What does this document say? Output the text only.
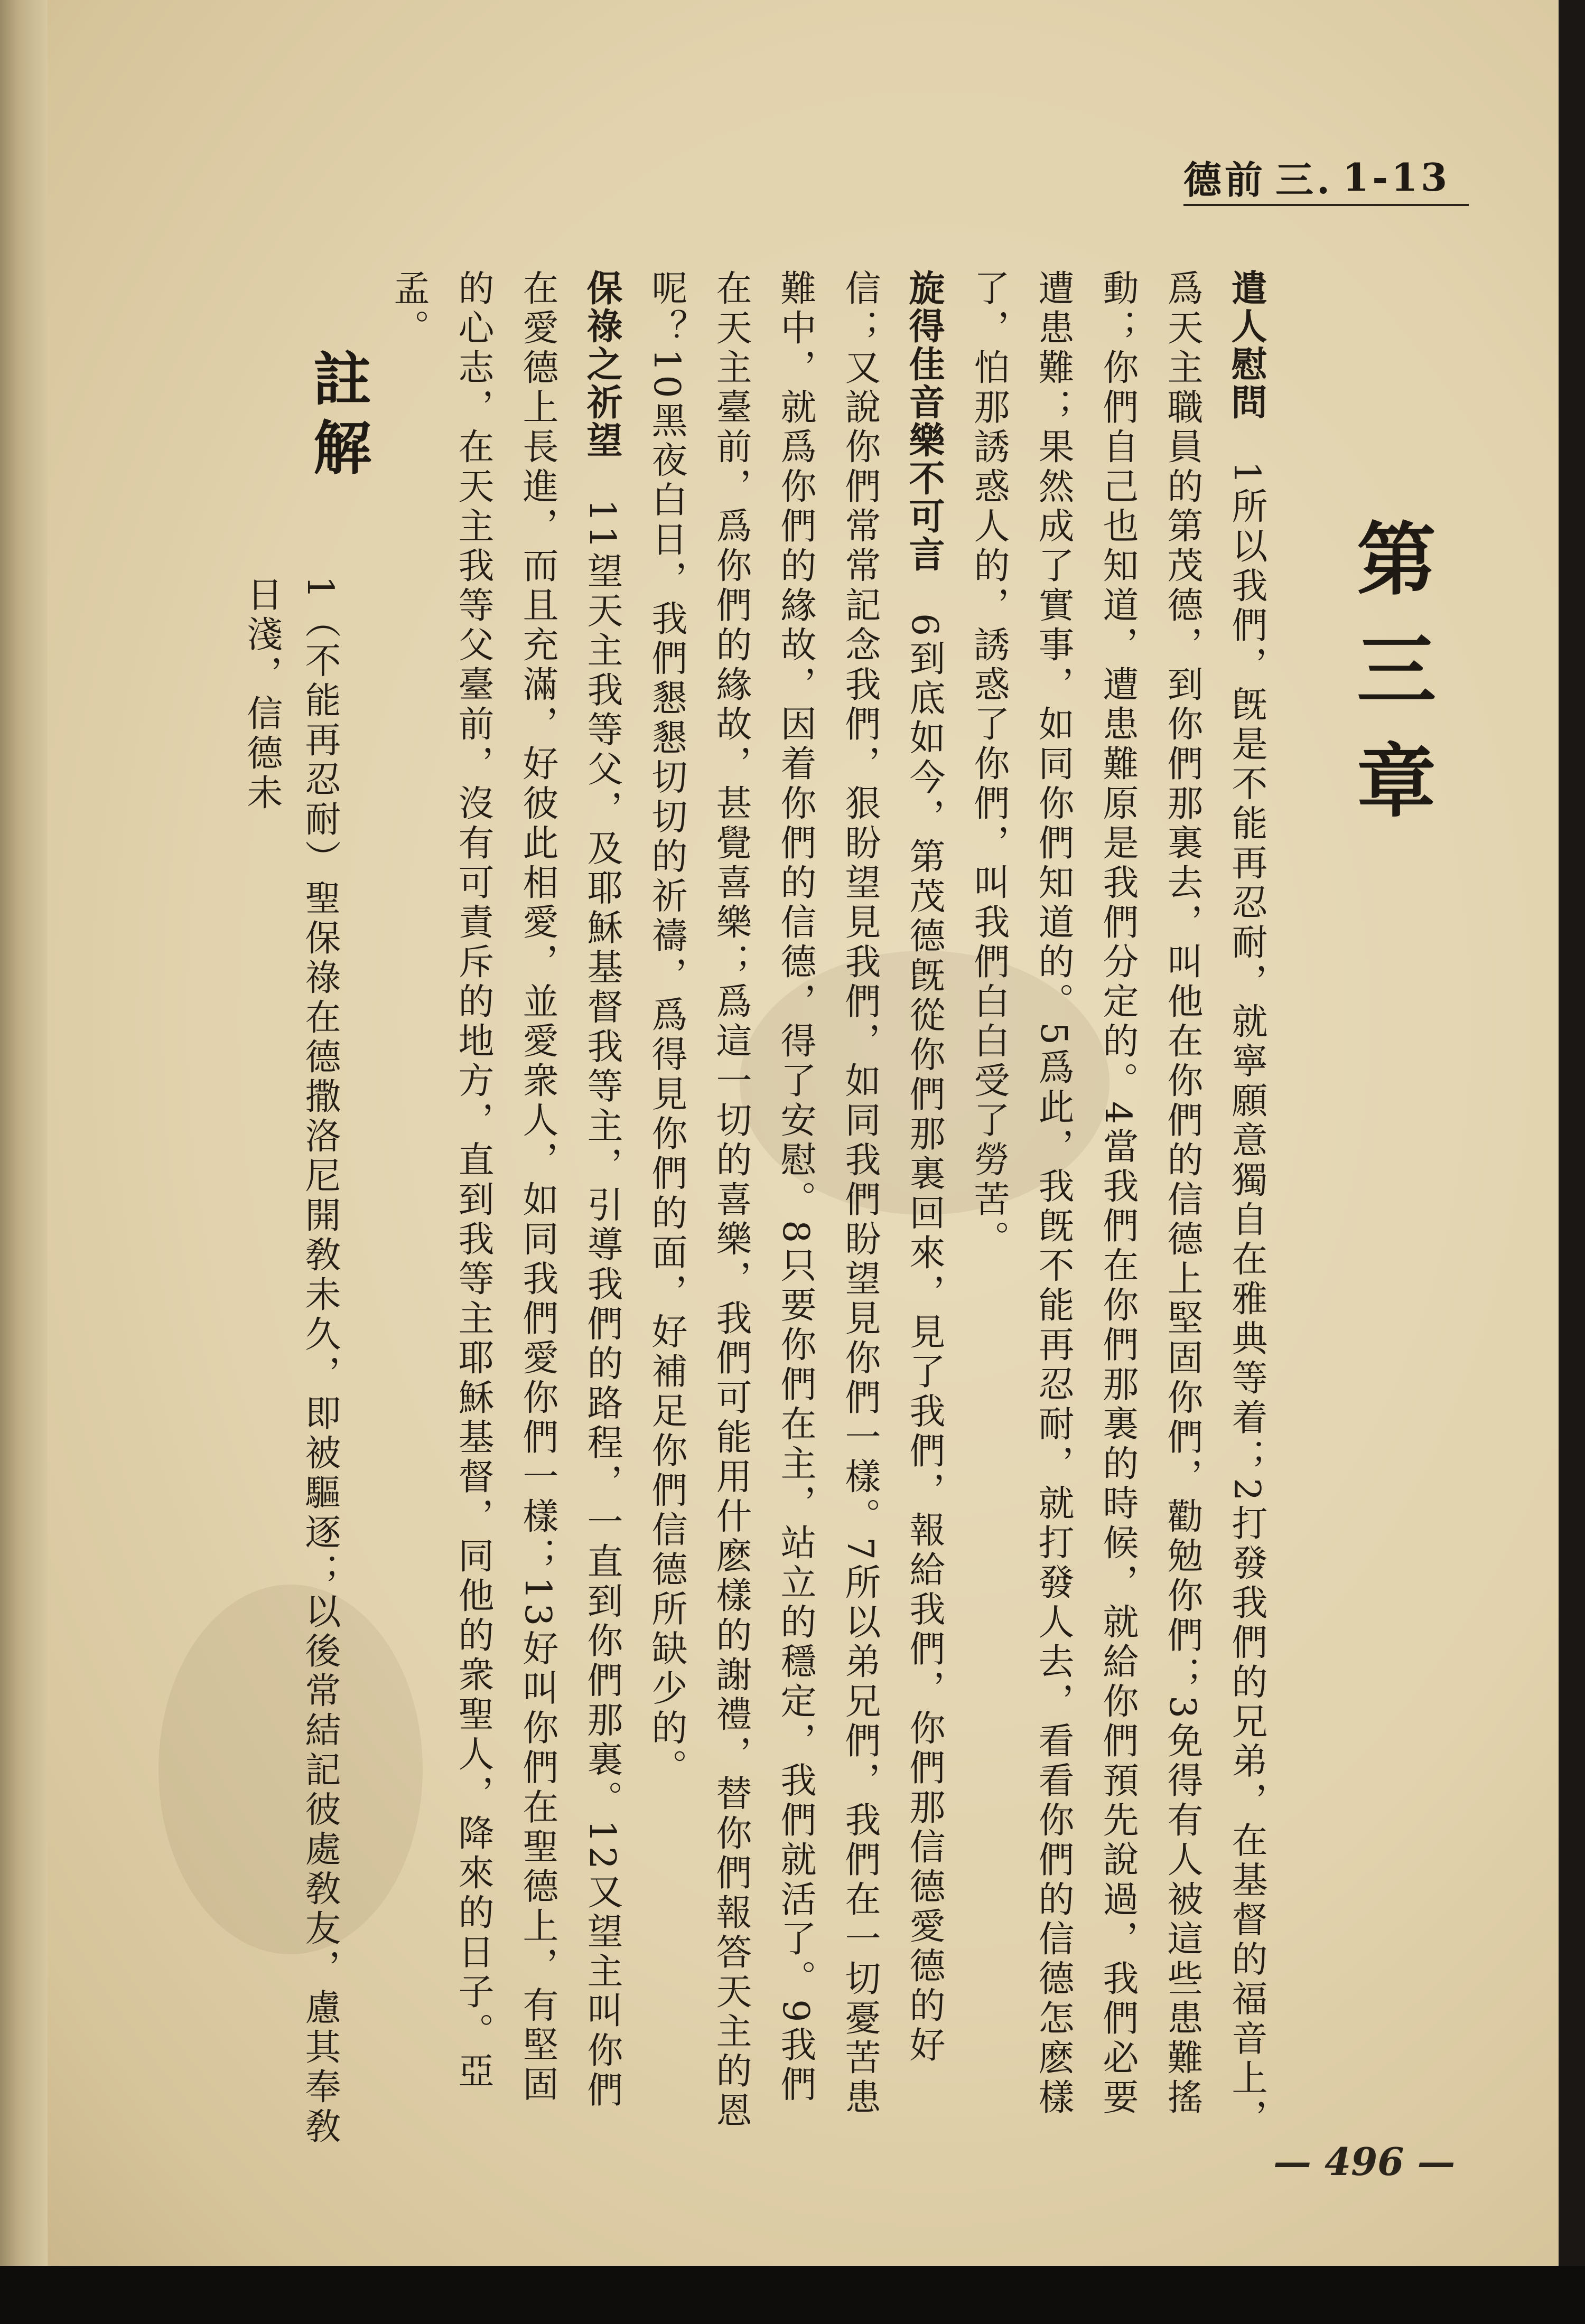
德前 三. 1-13
第三章

遣人慰問　1所以我們，旣是不能再忍耐，就寧願意獨自在雅典等着；2打發我們的兄弟，在基督的福音上，爲天主職員的第茂德，到你們那裏去，叫他在你們的信德上堅固你們，勸勉你們；3免得有人被這些患難搖動；你們自己也知道，遭患難原是我們分定的。4當我們在你們那裏的時候，就給你們預先說過，我們必要遭患難；果然成了實事，如同你們知道的。5爲此，我旣不能再忍耐，就打發人去，看看你們的信德怎麽樣了，怕那誘惑人的，誘惑了你們，叫我們白白受了勞苦。

旋得佳音樂不可言　6到底如今，第茂德旣從你們那裏回來，見了我們，報給我們，你們那信德愛德的好信；又說你們常常記念我們，狠盼望見我們，如同我們盼望見你們一樣。7所以弟兄們，我們在一切憂苦患難中，就爲你們的緣故，因着你們的信德，得了安慰。8只要你們在主，站立的穩定，我們就活了。9我們在天主臺前，爲你們的緣故，甚覺喜樂；爲這一切的喜樂，我們可能用什麽樣的謝禮，替你們報答天主的恩呢？10黑夜白日，我們懇懇切切的祈禱，爲得見你們的面，好補足你們信德所缺少的。

保祿之祈望　11望天主我等父，及耶穌基督我等主，引導我們的路程，一直到你們那裏。12又望主叫你們在愛德上長進，而且充滿，好彼此相愛，並愛衆人，如同我們愛你們一樣；13好叫你們在聖德上，有堅固的心志，在天主我等父臺前，沒有可責斥的地方，直到我等主耶穌基督，同他的衆聖人，降來的日子。亞孟。

註解
1（不能再忍耐）聖保祿在德撒洛尼開敎未久，即被驅逐；以後常結記彼處敎友，慮其奉敎日淺，信德未
— 496 —
